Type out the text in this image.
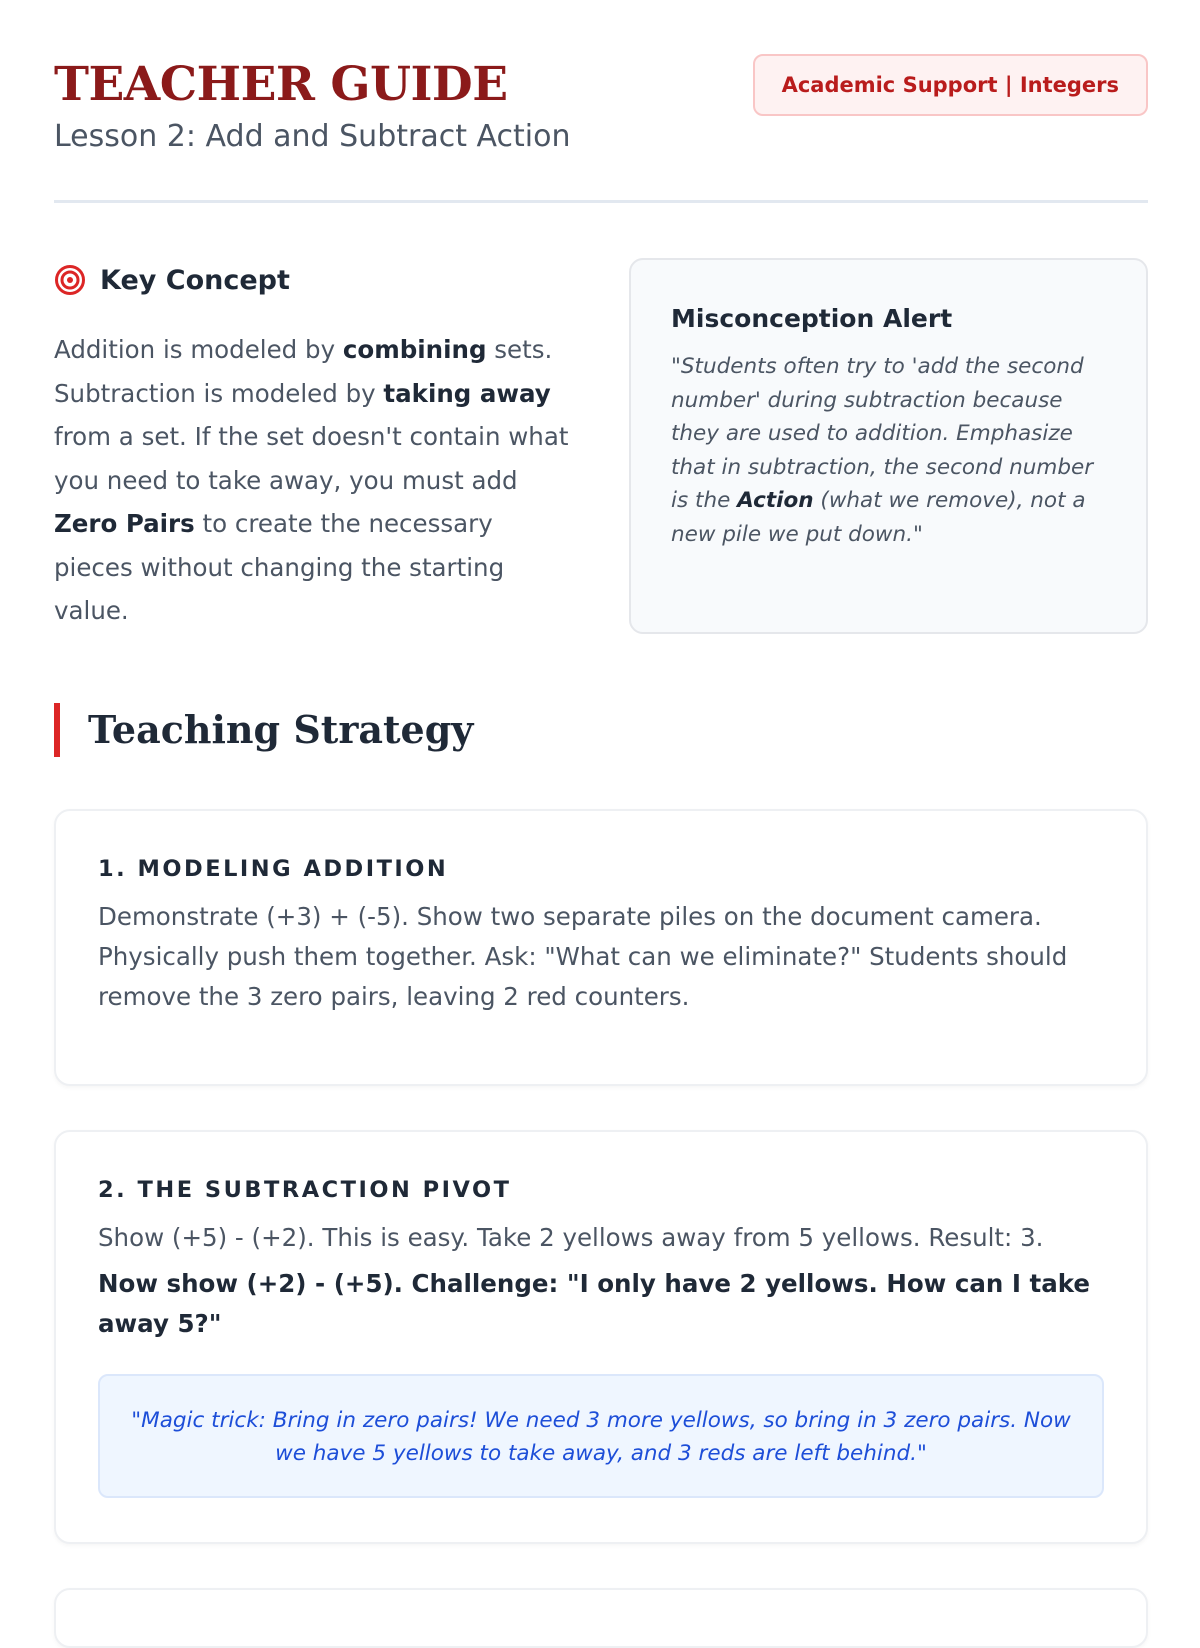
TEACHER GUIDE

Lesson 2: Add and Subtract Action

Academic Support | Integers
Key Concept

Addition is modeled by combining sets. Subtraction is modeled by taking away from a set. If the set doesn't contain what you need to take away, you must add Zero Pairs to create the necessary pieces without changing the starting value.

Misconception Alert

"Students often try to 'add the second number' during subtraction because they are used to addition. Emphasize that in subtraction, the second number is the Action (what we remove), not a new pile we put down."

Teaching Strategy
1. MODELING ADDITION

Demonstrate (+3) + (-5). Show two separate piles on the document camera. Physically push them together. Ask: "What can we eliminate?" Students should remove the 3 zero pairs, leaving 2 red counters.

2. THE SUBTRACTION PIVOT

Show (+5) - (+2). This is easy. Take 2 yellows away from 5 yellows. Result: 3.

Now show (+2) - (+5). Challenge: "I only have 2 yellows. How can I take away 5?"

"Magic trick: Bring in zero pairs! We need 3 more yellows, so bring in 3 zero pairs. Now we have 5 yellows to take away, and 3 reds are left behind."
